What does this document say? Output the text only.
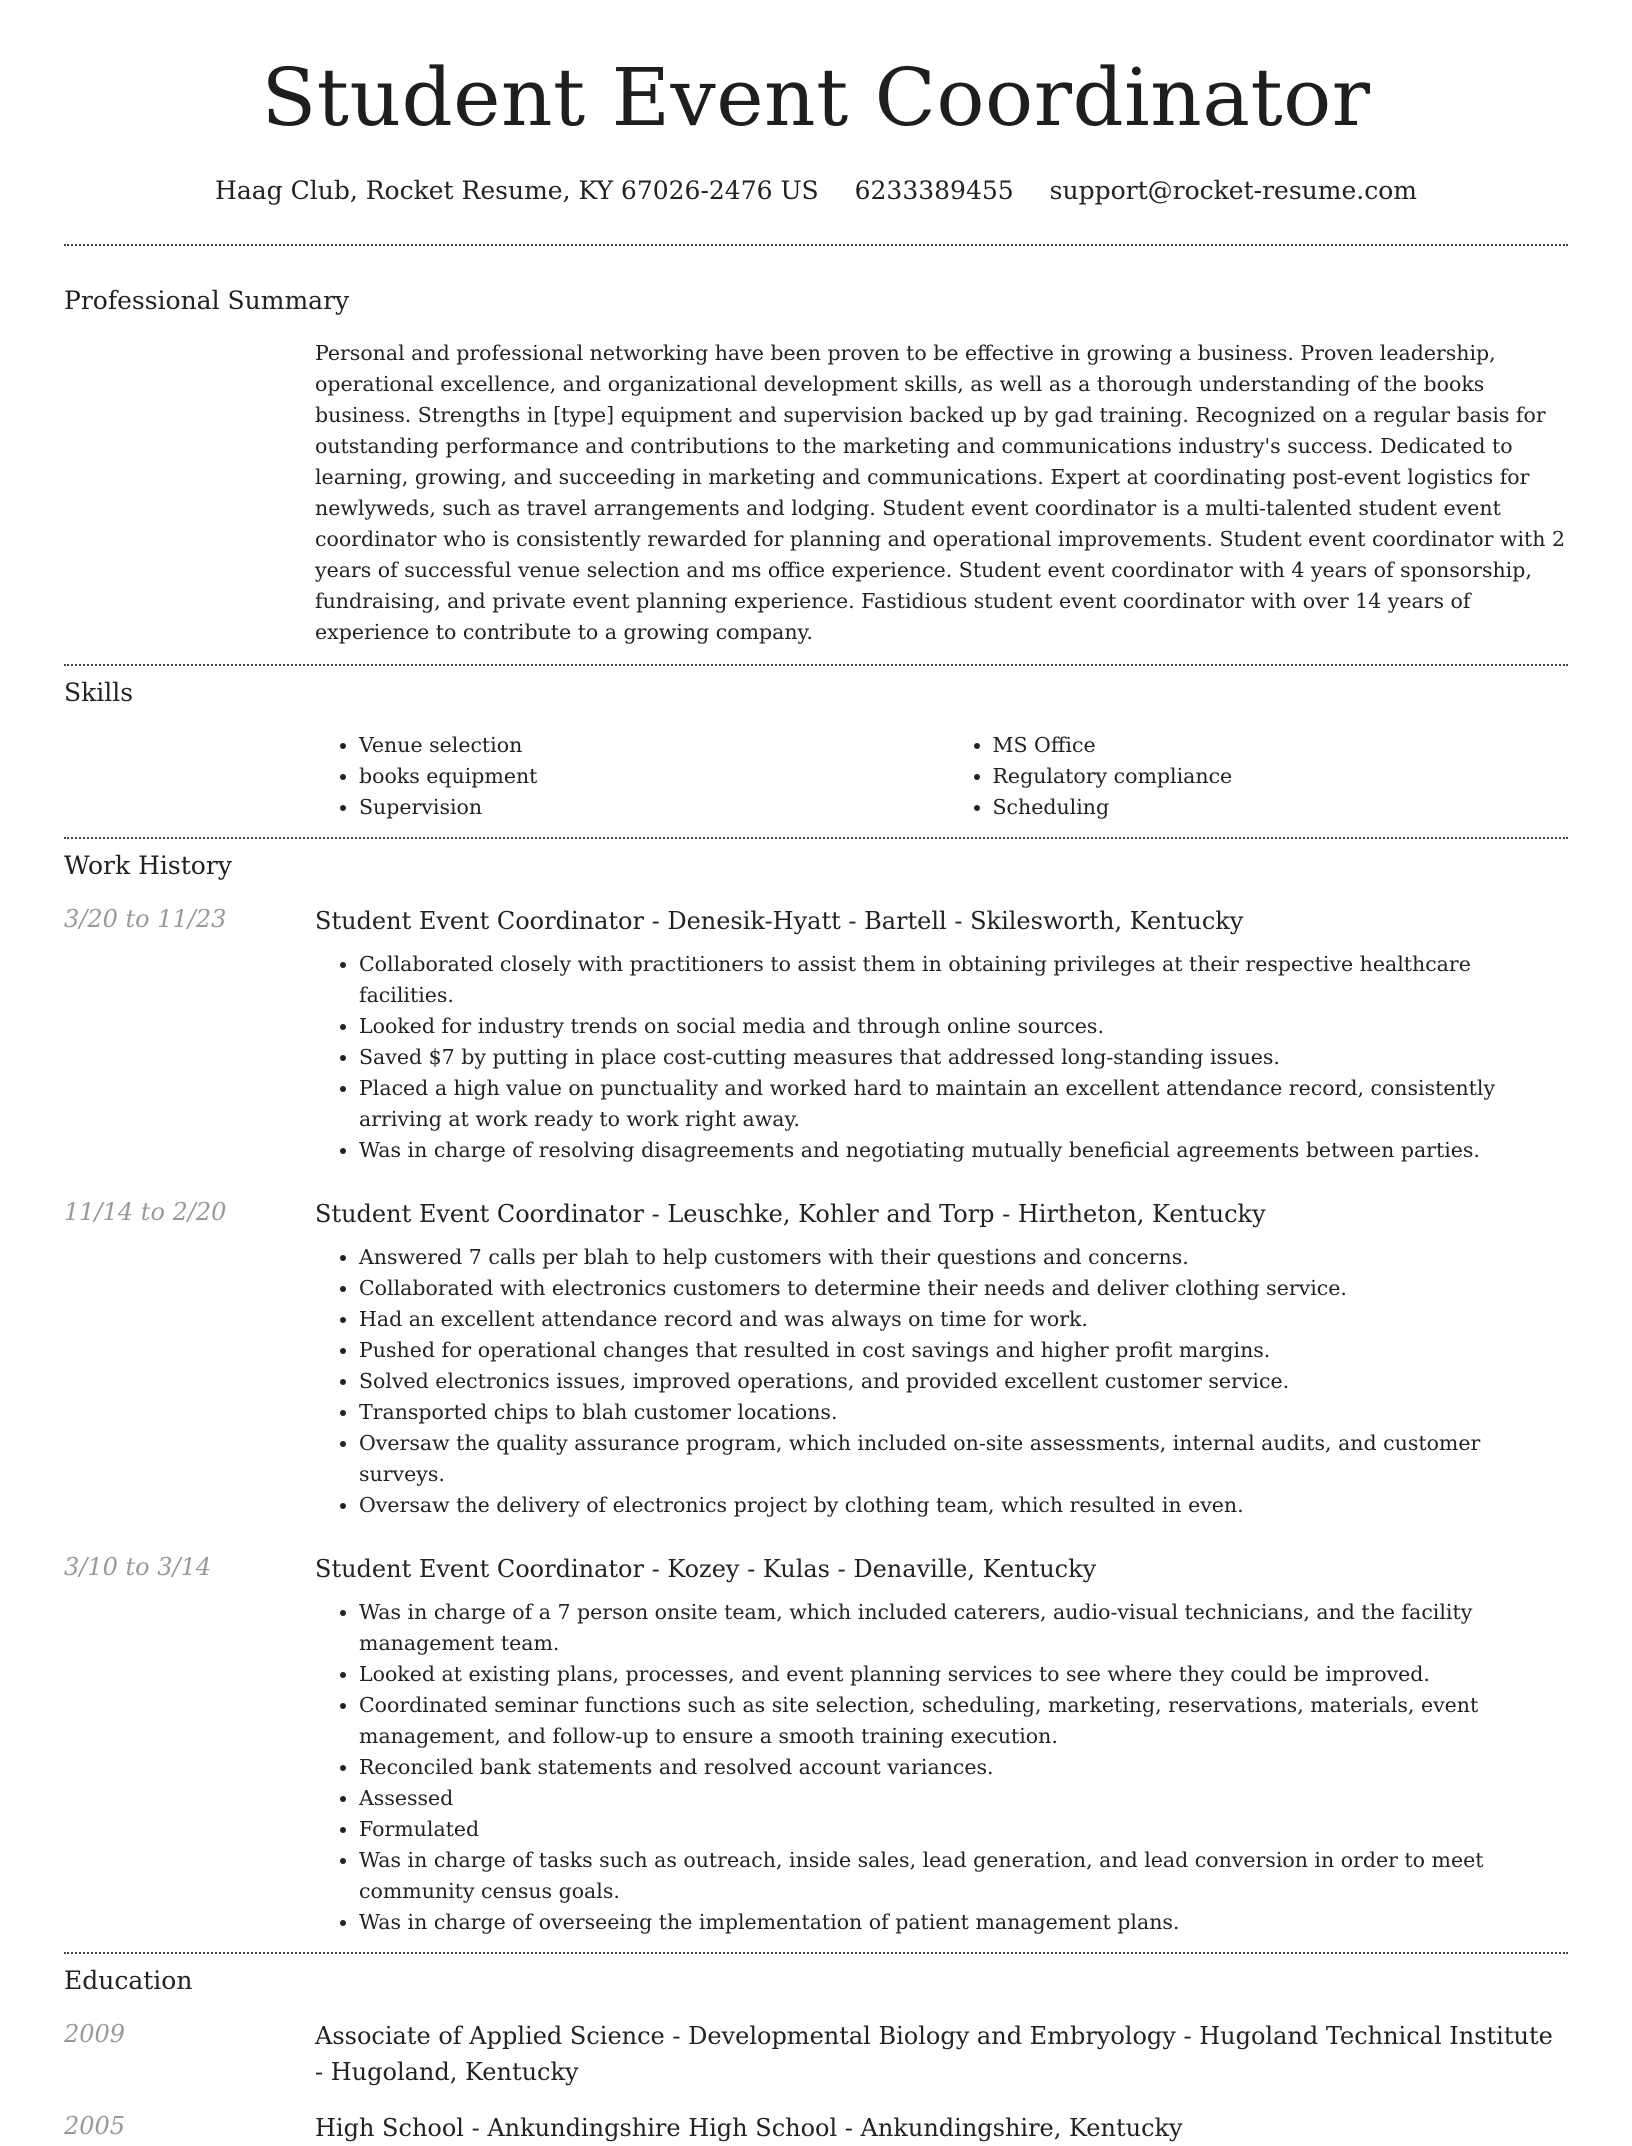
Student Event Coordinator
Haag Club, Rocket Resume, KY 67026-2476 US 6233389455 support@rocket-resume.com
Professional Summary

Personal and professional networking have been proven to be effective in growing a business. Proven leadership, operational excellence, and organizational development skills, as well as a thorough understanding of the books business. Strengths in [type] equipment and supervision backed up by gad training. Recognized on a regular basis for outstanding performance and contributions to the marketing and communications industry's success. Dedicated to learning, growing, and succeeding in marketing and communications. Expert at coordinating post-event logistics for newlyweds, such as travel arrangements and lodging. Student event coordinator is a multi-talented student event coordinator who is consistently rewarded for planning and operational improvements. Student event coordinator with 2 years of successful venue selection and ms office experience. Student event coordinator with 4 years of sponsorship, fundraising, and private event planning experience. Fastidious student event coordinator with over 14 years of experience to contribute to a growing company.

Skills
• Venue selection
• books equipment
• Supervision
• MS Office
• Regulatory compliance
• Scheduling
Work History
3/20 to 11/23	Student Event Coordinator - Denesik-Hyatt - Bartell - Skilesworth, Kentucky
• Collaborated closely with practitioners to assist them in obtaining privileges at their respective healthcare facilities.
• Looked for industry trends on social media and through online sources.
• Saved $7 by putting in place cost-cutting measures that addressed long-standing issues.
• Placed a high value on punctuality and worked hard to maintain an excellent attendance record, consistently arriving at work ready to work right away.
• Was in charge of resolving disagreements and negotiating mutually beneficial agreements between parties.
11/14 to 2/20	Student Event Coordinator - Leuschke, Kohler and Torp - Hirtheton, Kentucky
• Answered 7 calls per blah to help customers with their questions and concerns.
• Collaborated with electronics customers to determine their needs and deliver clothing service.
• Had an excellent attendance record and was always on time for work.
• Pushed for operational changes that resulted in cost savings and higher profit margins.
• Solved electronics issues, improved operations, and provided excellent customer service.
• Transported chips to blah customer locations.
• Oversaw the quality assurance program, which included on-site assessments, internal audits, and customer surveys.
• Oversaw the delivery of electronics project by clothing team, which resulted in even.
3/10 to 3/14	Student Event Coordinator - Kozey - Kulas - Denaville, Kentucky
• Was in charge of a 7 person onsite team, which included caterers, audio-visual technicians, and the facility management team.
• Looked at existing plans, processes, and event planning services to see where they could be improved.
• Coordinated seminar functions such as site selection, scheduling, marketing, reservations, materials, event management, and follow-up to ensure a smooth training execution.
• Reconciled bank statements and resolved account variances.
• Assessed
• Formulated
• Was in charge of tasks such as outreach, inside sales, lead generation, and lead conversion in order to meet community census goals.
• Was in charge of overseeing the implementation of patient management plans.
Education
2009	Associate of Applied Science - Developmental Biology and Embryology - Hugoland Technical Institute - Hugoland, Kentucky
2005	High School - Ankundingshire High School - Ankundingshire, Kentucky
